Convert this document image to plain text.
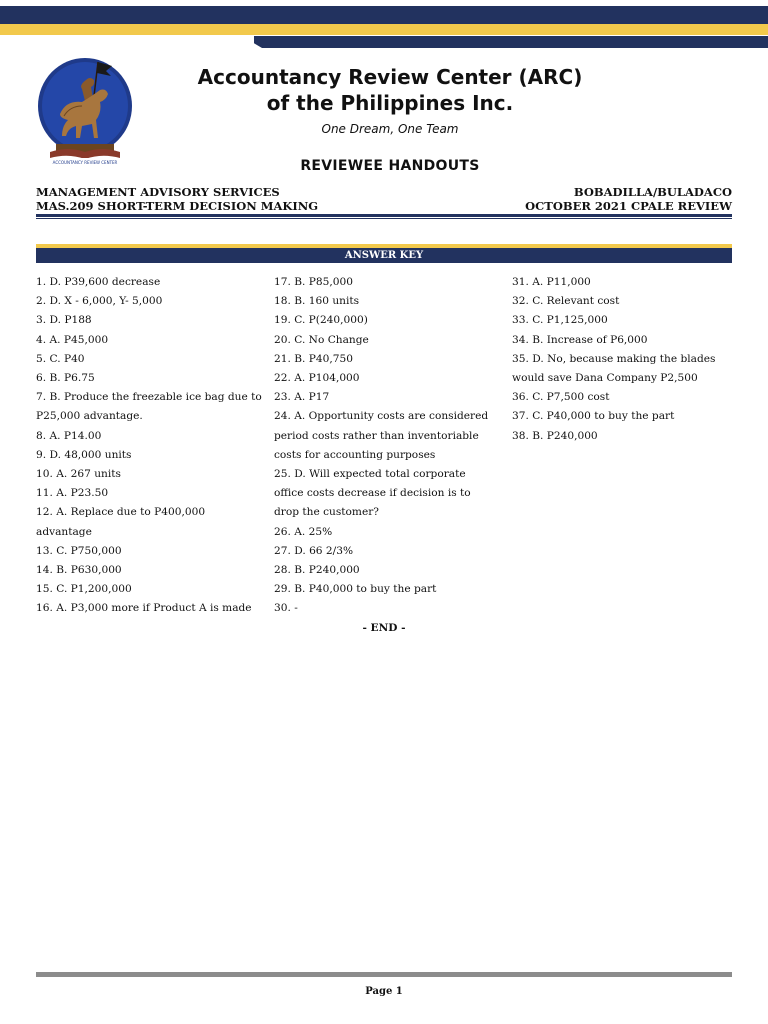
ACCOUNTANCY REVIEW CENTER
Accountancy Review Center (ARC)
of the Philippines Inc.
One Dream, One Team
REVIEWEE HANDOUTS
MANAGEMENT ADVISORY SERVICES
MAS.209 SHORT-TERM DECISION MAKING
BOBADILLA/BULADACO
OCTOBER 2021 CPALE REVIEW
ANSWER KEY
1. D. P39,600 decrease
2. D. X - 6,000, Y- 5,000
3. D. P188
4. A. P45,000
5. C. P40
6. B. P6.75
7. B. Produce the freezable ice bag due to
P25,000 advantage.
8. A. P14.00
9. D. 48,000 units
10. A. 267 units
11. A. P23.50
12. A. Replace due to P400,000
advantage
13. C. P750,000
14. B. P630,000
15. C. P1,200,000
16. A. P3,000 more if Product A is made
17. B. P85,000
18. B. 160 units
19. C. P(240,000)
20. C. No Change
21. B. P40,750
22. A. P104,000
23. A. P17
24. A. Opportunity costs are considered
period costs rather than inventoriable
costs for accounting purposes
25. D. Will expected total corporate
office costs decrease if decision is to
drop the customer?
26. A. 25%
27. D. 66 2/3%
28. B. P240,000
29. B. P40,000 to buy the part
30. -
31. A. P11,000
32. C. Relevant cost
33. C. P1,125,000
34. B. Increase of P6,000
35. D. No, because making the blades
would save Dana Company P2,500
36. C. P7,500 cost
37. C. P40,000 to buy the part
38. B. P240,000
- END -
Page 1
